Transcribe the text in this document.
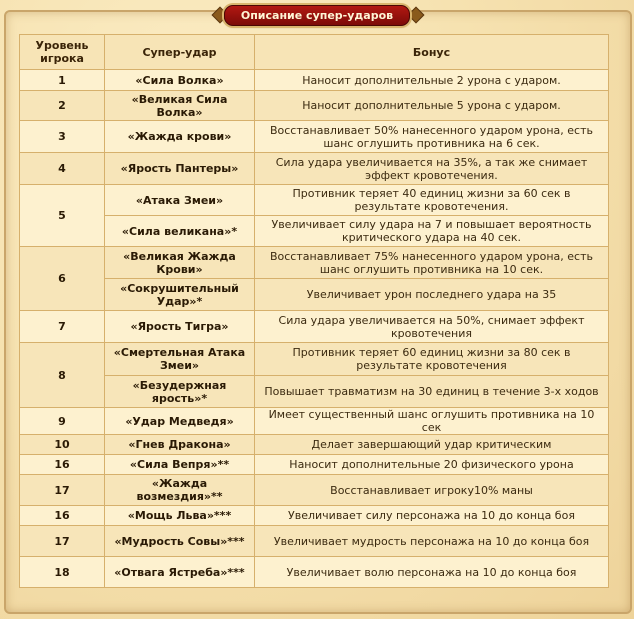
Описание супер-ударов
Уровень игрока	Супер-удар	Бонус
1	«Сила Волка»	Наносит дополнительные 2 урона с ударом.
2	«Великая Сила Волка»	Наносит дополнительные 5 урона с ударом.
3	«Жажда крови»	Восстанавливает 50% нанесенного ударом урона, есть шанс оглушить противника на 6 сек.
4	«Ярость Пантеры»	Сила удара увеличивается на 35%, а так же снимает эффект кровотечения.
5	«Атака Змеи»	Противник теряет 40 единиц жизни за 60 сек в результате кровотечения.
	«Сила великана»*	Увеличивает силу удара на 7 и повышает вероятность критического удара на 40 сек.
6	«Великая Жажда Крови»	Восстанавливает 75% нанесенного ударом урона, есть шанс оглушить противника на 10 сек.
	«Сокрушительный Удар»*	Увеличивает урон последнего удара на 35
7	«Ярость Тигра»	Сила удара увеличивается на 50%, снимает эффект кровотечения
8	«Смертельная Атака Змеи»	Противник теряет 60 единиц жизни за 80 сек в результате кровотечения
	«Безудержная ярость»*	Повышает травматизм на 30 единиц в течение 3-х ходов
9	«Удар Медведя»	Имеет существенный шанс оглушить противника на 10 сек
10	«Гнев Дракона»	Делает завершающий удар критическим
16	«Сила Вепря»**	Наносит дополнительные 20 физического урона
17	«Жажда возмездия»**	Восстанавливает игроку10% маны
16	«Мощь Льва»***	Увеличивает силу персонажа на 10 до конца боя
17	«Мудрость Совы»***	Увеличивает мудрость персонажа на 10 до конца боя
18	«Отвага Ястреба»***	Увеличивает волю персонажа на 10 до конца боя
